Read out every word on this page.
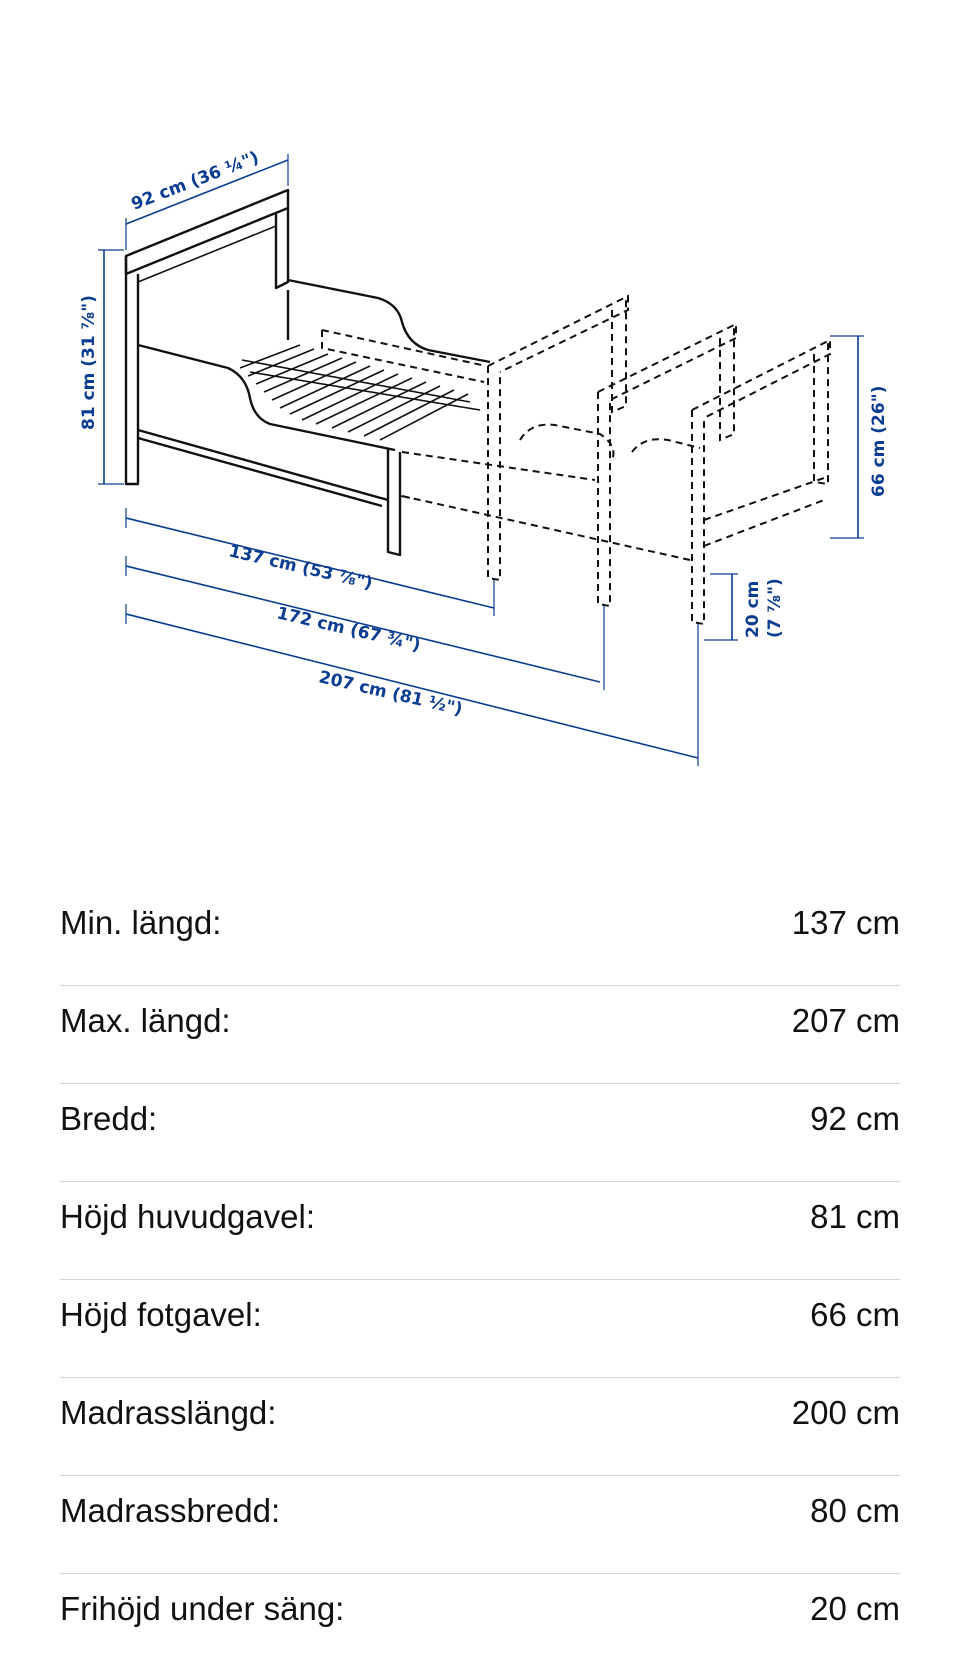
92 cm (36 ¼")
81 cm (31 ⅞")
66 cm (26")
20 cm (7 ⅞")
137 cm (53 ⅞")
172 cm (67 ¾")
207 cm (81 ½")
Min. längd:	137 cm
Max. längd:	207 cm
Bredd:	92 cm
Höjd huvudgavel:	81 cm
Höjd fotgavel:	66 cm
Madrasslängd:	200 cm
Madrassbredd:	80 cm
Frihöjd under säng:	20 cm
